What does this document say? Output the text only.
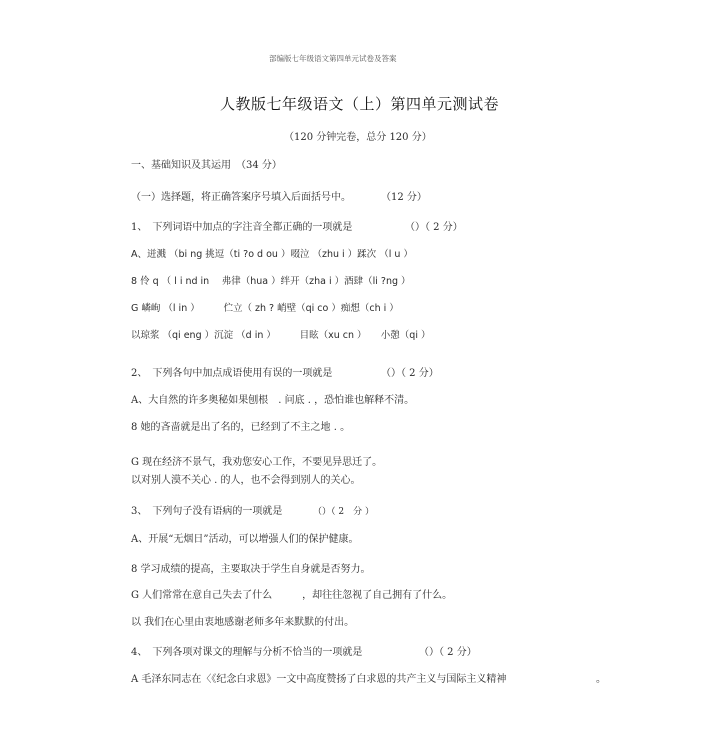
部编版七年级语文第四单元试卷及答案
人教版七年级语文（上）第四单元测试卷
（120 分钟完卷，总分 120 分）
一、基础知识及其运用　（34 分）
（一）选择题，将正确答案序号填入后面括号中。　　　　（12 分）
1、　下列词语中加点的字注音全都正确的一项就是	（）（ 2 分）
A、迸溅 （bi ng 挑逗（ti ?o d ou ）啜泣 （zhu i ）蹂次 （l u ）
8 伶 q （ l i nd in 　弗律（hua ）绊开（zha i ）酒肆（li ?ng ）
G 嶙峋 （l in ）　　　伫立（ zh ? 峭壁（qi co ）痴想（ch i ）
以琼浆 （qi eng ）沉淀 （d in ）　　　目眩（xu cn ）　　小憩（qi ）
2、　下列各句中加点成语使用有误的一项就是	（）（ 2 分）
A、大自然的许多奥秘如果刨根　. 问底 . ，恐怕谁也解释不清。
8 她的吝啬就是出了名的，已经到了不主之地 . 。
G 现在经济不景气，我劝您安心工作，不要见异思迁了。
以对别人漠不关心 . 的人，也不会得到别人的关心。
3、　下列句子没有语病的一项就是	（）（ 2　分 ）
A、开展“无烟日”活动，可以增强人们的保护健康。
8 学习成绩的提高，主要取决于学生自身就是否努力。
G 人们常常在意自己失去了什么　　　，却往往忽视了自己拥有了什么。
以 我们在心里由衷地感谢老师多年来默默的付出。
4、　下列各项对课文的理解与分析不恰当的一项就是	（）（ 2 分）
A 毛泽东同志在〈《纪念白求恩》一文中高度赞扬了白求恩的共产主义与国际主义精神	。
